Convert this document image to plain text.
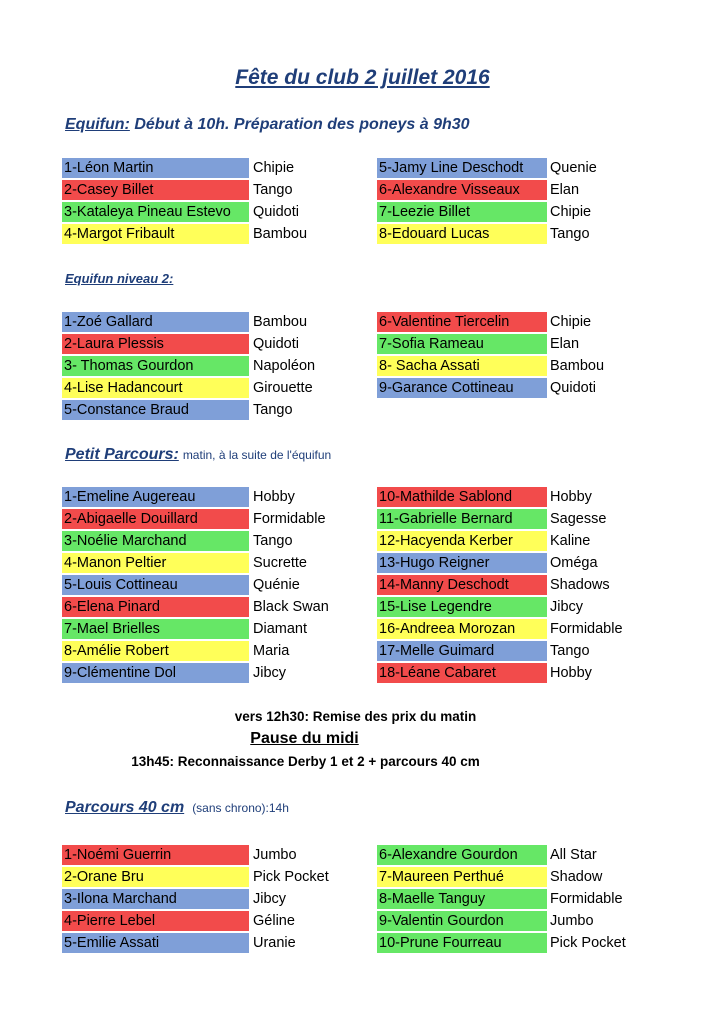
Fête du club 2 juillet 2016
Equifun: Début à 10h. Préparation des poneys à 9h30
1-Léon Martin	Chipie	5-Jamy Line Deschodt	Quenie
2-Casey Billet	Tango	6-Alexandre Visseaux	Elan
3-Kataleya Pineau Estevo	Quidoti	7-Leezie Billet	Chipie
4-Margot Fribault	Bambou	8-Edouard Lucas	Tango
Equifun niveau 2:
1-Zoé Gallard	Bambou	6-Valentine Tiercelin	Chipie
2-Laura Plessis	Quidoti	7-Sofia Rameau	Elan
3- Thomas Gourdon	Napoléon	8- Sacha Assati	Bambou
4-Lise Hadancourt	Girouette	9-Garance Cottineau	Quidoti
5-Constance Braud	Tango
Petit Parcours: matin, à la suite de l'équifun
1-Emeline Augereau	Hobby	10-Mathilde Sablond	Hobby
2-Abigaelle Douillard	Formidable	11-Gabrielle Bernard	Sagesse
3-Noélie Marchand	Tango	12-Hacyenda Kerber	Kaline
4-Manon Peltier	Sucrette	13-Hugo Reigner	Oméga
5-Louis Cottineau	Quénie	14-Manny Deschodt	Shadows
6-Elena Pinard	Black Swan	15-Lise Legendre	Jibcy
7-Mael Brielles	Diamant	16-Andreea Morozan	Formidable
8-Amélie Robert	Maria	17-Melle Guimard	Tango
9-Clémentine Dol	Jibcy	18-Léane Cabaret	Hobby
vers 12h30: Remise des prix du matin
Pause du midi
13h45: Reconnaissance Derby 1 et 2 + parcours 40 cm
Parcours 40 cm (sans chrono):14h
1-Noémi Guerrin	Jumbo	6-Alexandre Gourdon	All Star
2-Orane Bru	Pick Pocket	7-Maureen Perthué	Shadow
3-Ilona Marchand	Jibcy	8-Maelle Tanguy	Formidable
4-Pierre Lebel	Géline	9-Valentin Gourdon	Jumbo
5-Emilie Assati	Uranie	10-Prune Fourreau	Pick Pocket
